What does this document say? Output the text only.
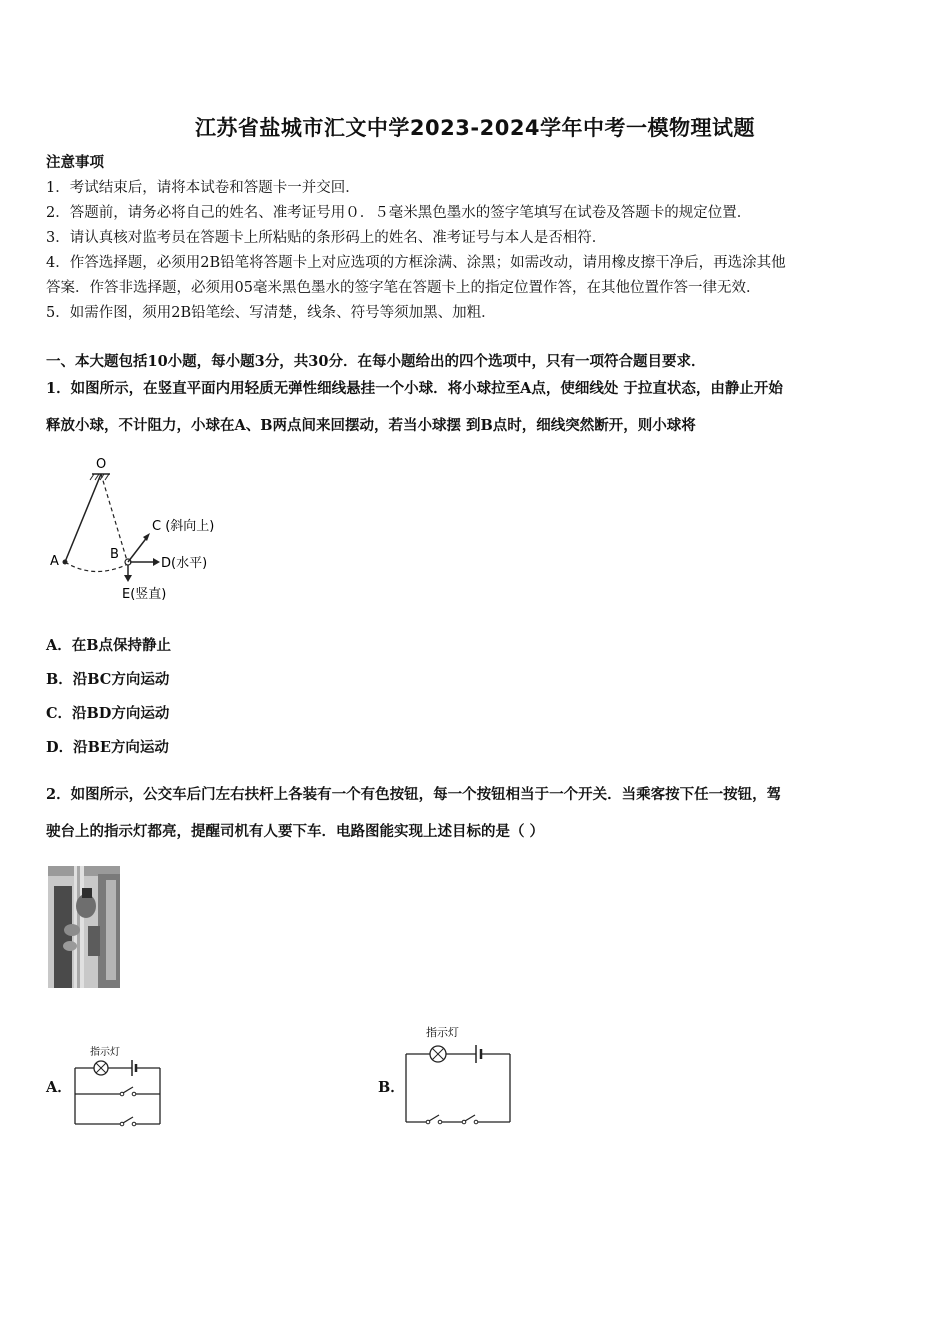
江苏省盐城市汇文中学2023-2024学年中考一模物理试题
注意事项
1．考试结束后，请将本试卷和答题卡一并交回．
2．答题前，请务必将自己的姓名、准考证号用０．５毫米黑色墨水的签字笔填写在试卷及答题卡的规定位置．
3．请认真核对监考员在答题卡上所粘贴的条形码上的姓名、准考证号与本人是否相符．
4．作答选择题，必须用2B铅笔将答题卡上对应选项的方框涂满、涂黑；如需改动，请用橡皮擦干净后，再选涂其他
答案．作答非选择题，必须用05毫米黑色墨水的签字笔在答题卡上的指定位置作答，在其他位置作答一律无效．
5．如需作图，须用2B铅笔绘、写清楚，线条、符号等须加黑、加粗．
一、本大题包括10小题，每小题3分，共30分．在每小题给出的四个选项中，只有一项符合题目要求．
1．如图所示，在竖直平面内用轻质无弹性细线悬挂一个小球．将小球拉至A点，使细线处 于拉直状态，由静止开始
释放小球，不计阻力，小球在A、B两点间来回摆动，若当小球摆 到B点时，细线突然断开，则小球将
O
A	B
C (斜向上)
D(水平)
E(竖直)
A．在B点保持静止
B．沿BC方向运动
C．沿BD方向运动
D．沿BE方向运动
2．如图所示，公交车后门左右扶杆上各装有一个有色按钮，每一个按钮相当于一个开关．当乘客按下任一按钮，驾
驶台上的指示灯都亮，提醒司机有人要下车．电路图能实现上述目标的是（ ）
A．
指示灯
B．
指示灯
